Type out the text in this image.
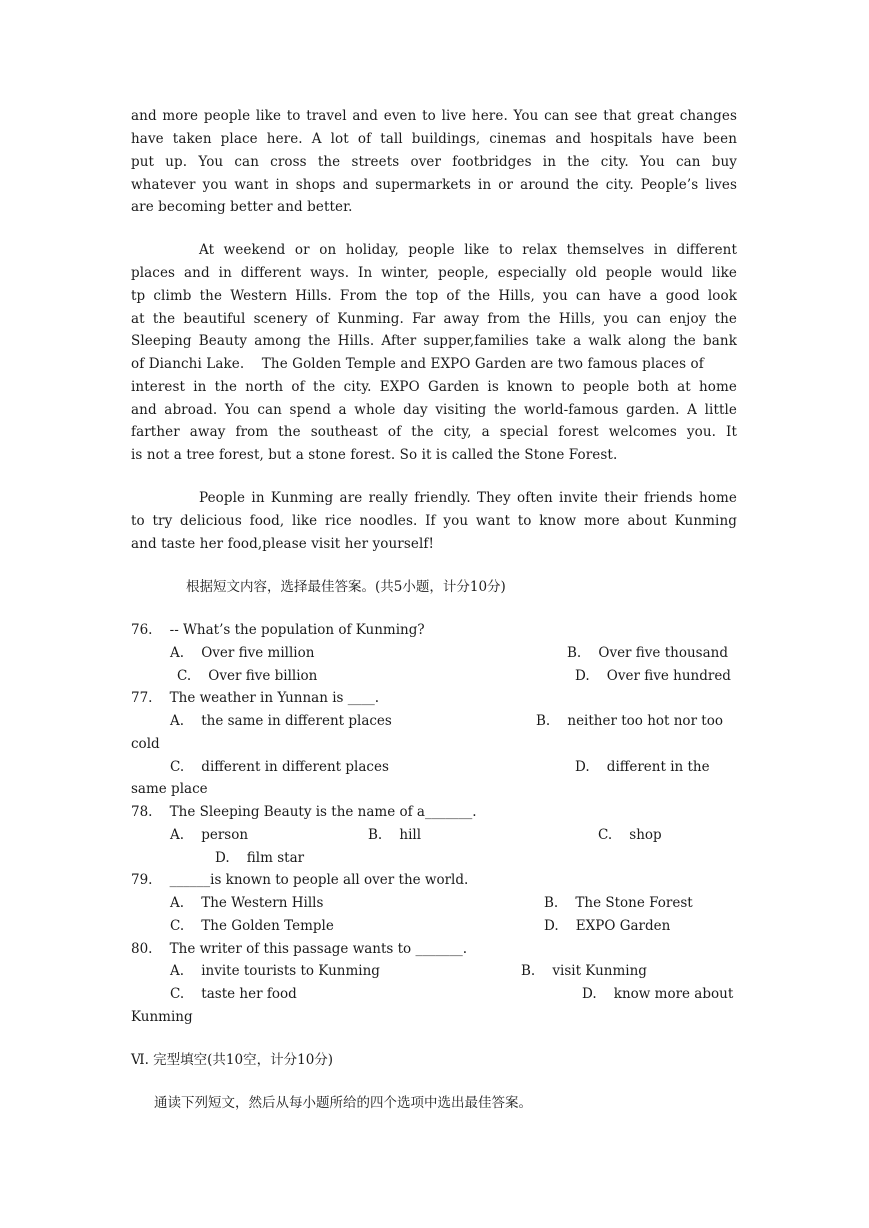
and more people like to travel and even to live here. You can see that great changes
have taken place here. A lot of tall buildings, cinemas and hospitals have been
put up. You can cross the streets over footbridges in the city. You can buy
whatever you want in shops and supermarkets in or around the city. People’s lives
are becoming better and better.
At weekend or on holiday, people like to relax themselves in different
places and in different ways. In winter, people, especially old people would like
tp climb the Western Hills. From the top of the Hills, you can have a good look
at the beautiful scenery of Kunming. Far away from the Hills, you can enjoy the
Sleeping Beauty among the Hills. After supper,families take a walk along the bank
of Dianchi Lake.    The Golden Temple and EXPO Garden are two famous places of
interest in the north of the city. EXPO Garden is known to people both at home
and abroad. You can spend a whole day visiting the world-famous garden. A little
farther away from the southeast of the city, a special forest welcomes you. It
is not a tree forest, but a stone forest. So it is called the Stone Forest.
People in Kunming are really friendly. They often invite their friends home
to try delicious food, like rice noodles. If you want to know more about Kunming
and taste her food,please visit her yourself!
根据短文内容，选择最佳答案。(共5小题，计分10分)
76.    -- What’s the population of Kunming?
A.    Over five million	B.    Over five thousand
C.    Over five billion	D.    Over five hundred
77.    The weather in Yunnan is ____.
A.    the same in different places	B.    neither too hot nor too
cold
C.    different in different places	D.    different in the
same place
78.    The Sleeping Beauty is the name of a_______.
A.    person	B.    hill	C.    shop
D.    film star
79.    ______is known to people all over the world.
A.    The Western Hills	B.    The Stone Forest
C.    The Golden Temple	D.    EXPO Garden
80.    The writer of this passage wants to _______.
A.    invite tourists to Kunming	B.    visit Kunming
C.    taste her food	D.    know more about
Kunming
Ⅵ. 完型填空(共10空，计分10分)
通读下列短文，然后从每小题所给的四个选项中选出最佳答案。
